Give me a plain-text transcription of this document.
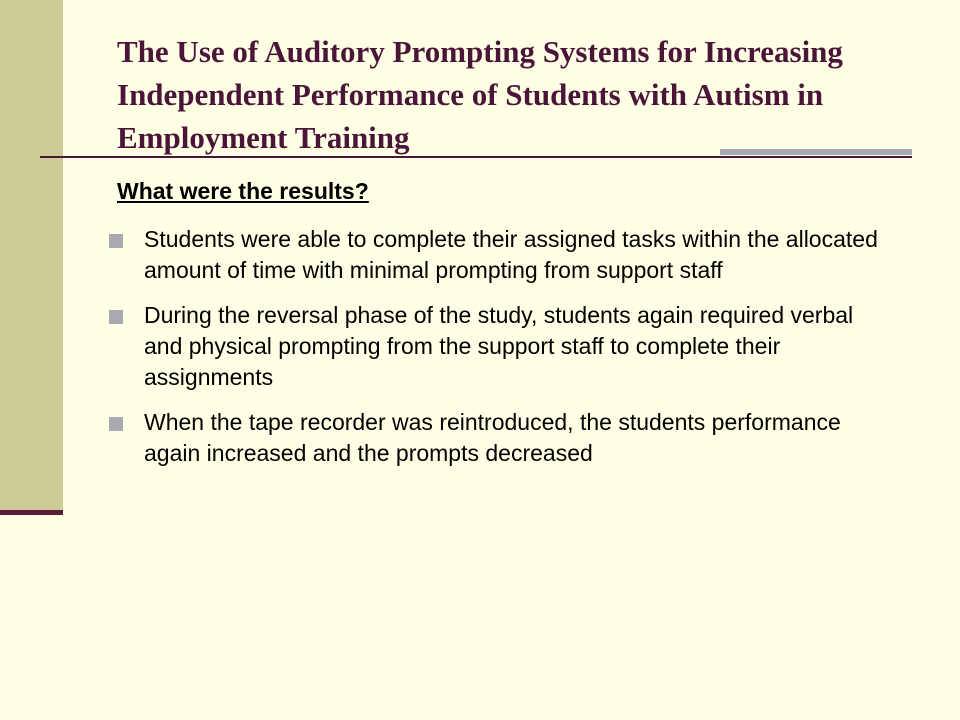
The Use of Auditory Prompting Systems for Increasing Independent Performance of Students with Autism in Employment Training
What were the results?
Students were able to complete their assigned tasks within the allocated amount of time with minimal prompting from support staff
During the reversal phase of the study, students again required verbal and physical prompting from the support staff to complete their assignments
When the tape recorder was reintroduced, the students performance again increased and the prompts decreased
